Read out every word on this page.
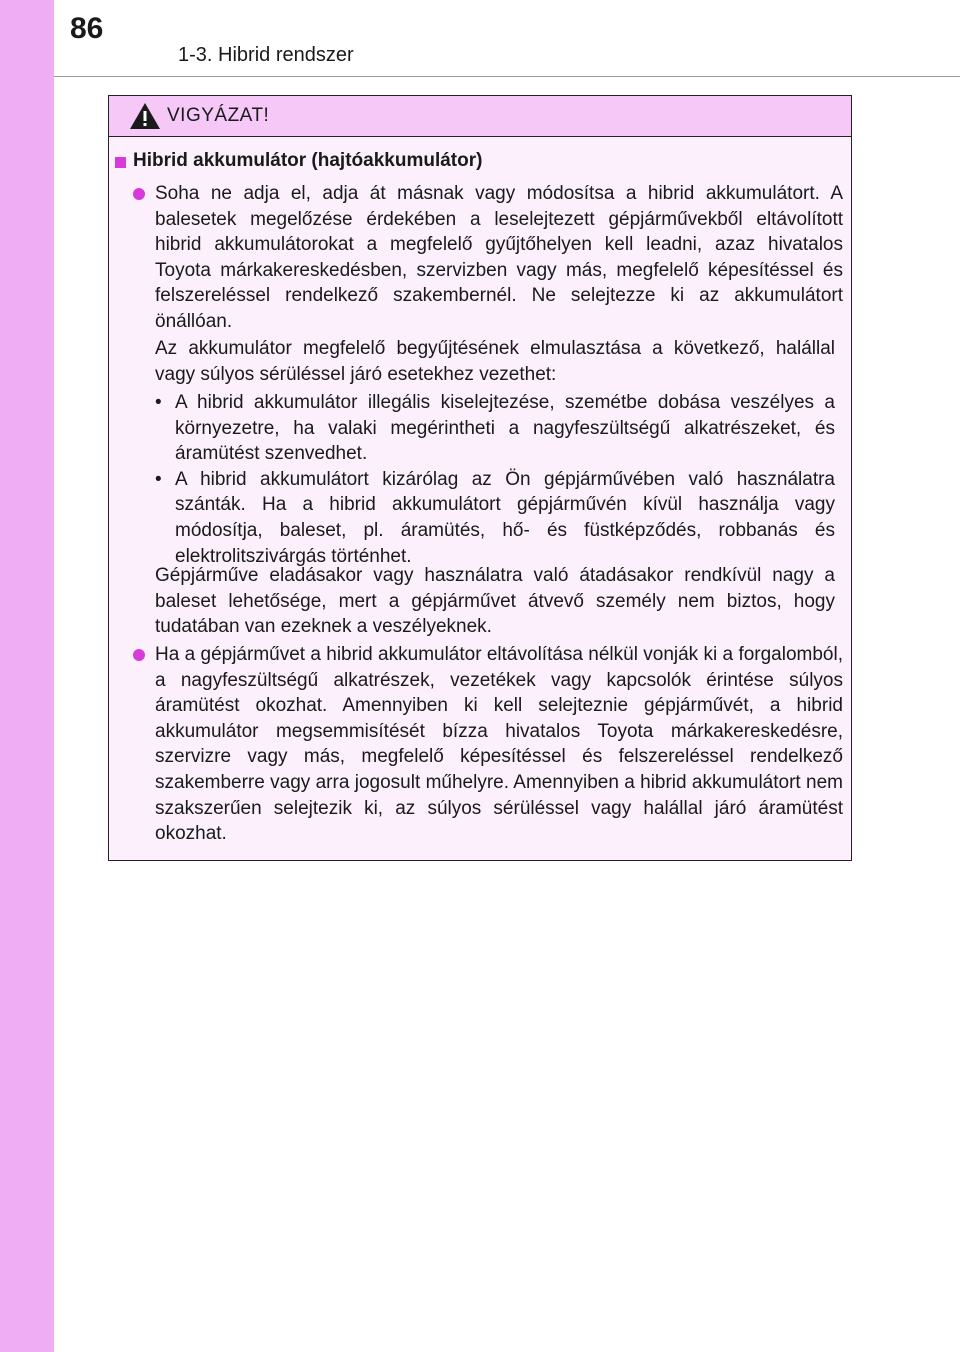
86
1-3. Hibrid rendszer
VIGYÁZAT!
Hibrid akkumulátor (hajtóakkumulátor)

Soha ne adja el, adja át másnak vagy módosítsa a hibrid akkumulátort. A balesetek megelőzése érdekében a leselejtezett gépjárművekből eltávolított hibrid akkumulátorokat a megfelelő gyűjtőhelyen kell leadni, azaz hivatalos Toyota márkakereskedésben, szervizben vagy más, megfelelő képesítéssel és felszereléssel rendelkező szakembernél. Ne selejtezze ki az akkumulátort önállóan.

Az akkumulátor megfelelő begyűjtésének elmulasztása a következő, halállal vagy súlyos sérüléssel járó esetekhez vezethet:

• A hibrid akkumulátor illegális kiselejtezése, szemétbe dobása veszélyes a környezetre, ha valaki megérintheti a nagyfeszültségű alkatrészeket, és áramütést szenvedhet.
• A hibrid akkumulátort kizárólag az Ön gépjárművében való használatra szánták. Ha a hibrid akkumulátort gépjárművén kívül használja vagy módosítja, baleset, pl. áramütés, hő- és füstképződés, robbanás és elektrolitszivárgás történhet.

Gépjárműve eladásakor vagy használatra való átadásakor rendkívül nagy a baleset lehetősége, mert a gépjárművet átvevő személy nem biztos, hogy tudatában van ezeknek a veszélyeknek.

Ha a gépjárművet a hibrid akkumulátor eltávolítása nélkül vonják ki a forgalomból, a nagyfeszültségű alkatrészek, vezetékek vagy kapcsolók érintése súlyos áramütést okozhat. Amennyiben ki kell selejteznie gépjárművét, a hibrid akkumulátor megsemmisítését bízza hivatalos Toyota márkakereskedésre, szervizre vagy más, megfelelő képesítéssel és felszereléssel rendelkező szakemberre vagy arra jogosult műhelyre. Amennyiben a hibrid akkumulátort nem szakszerűen selejtezik ki, az súlyos sérüléssel vagy halállal járó áramütést okozhat.
